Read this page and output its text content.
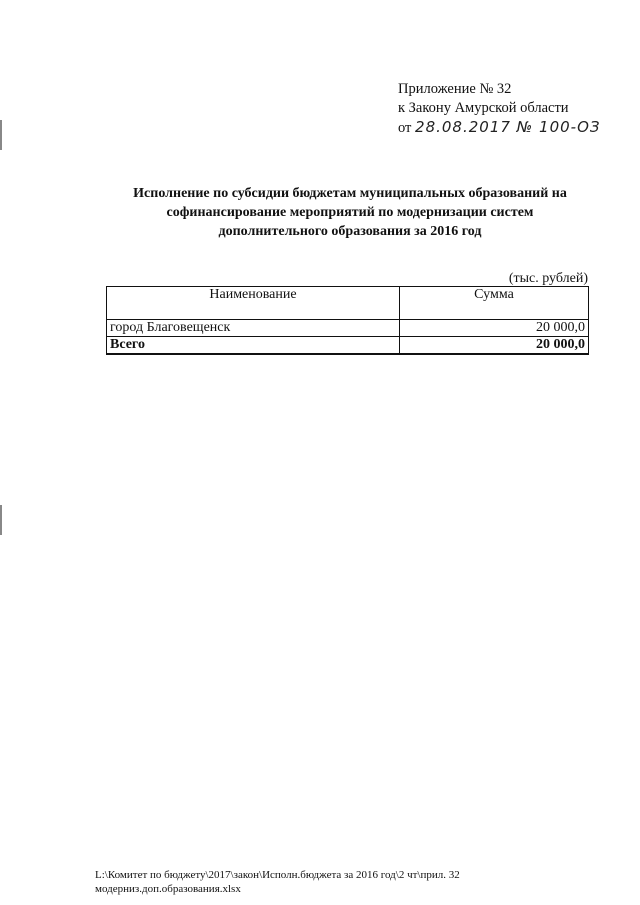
Приложение № 32
к Закону Амурской области
от 28.08.2017 № 100-ОЗ
Исполнение по субсидии бюджетам муниципальных образований на
софинансирование мероприятий по модернизации систем
дополнительного образования за 2016 год
(тыс. рублей)
Наименование	Сумма
город Благовещенск	20 000,0
Всего	20 000,0
L:\Комитет по бюджету\2017\закон\Исполн.бюджета за 2016 год\2 чт\прил. 32
модерниз.доп.образования.xlsx
